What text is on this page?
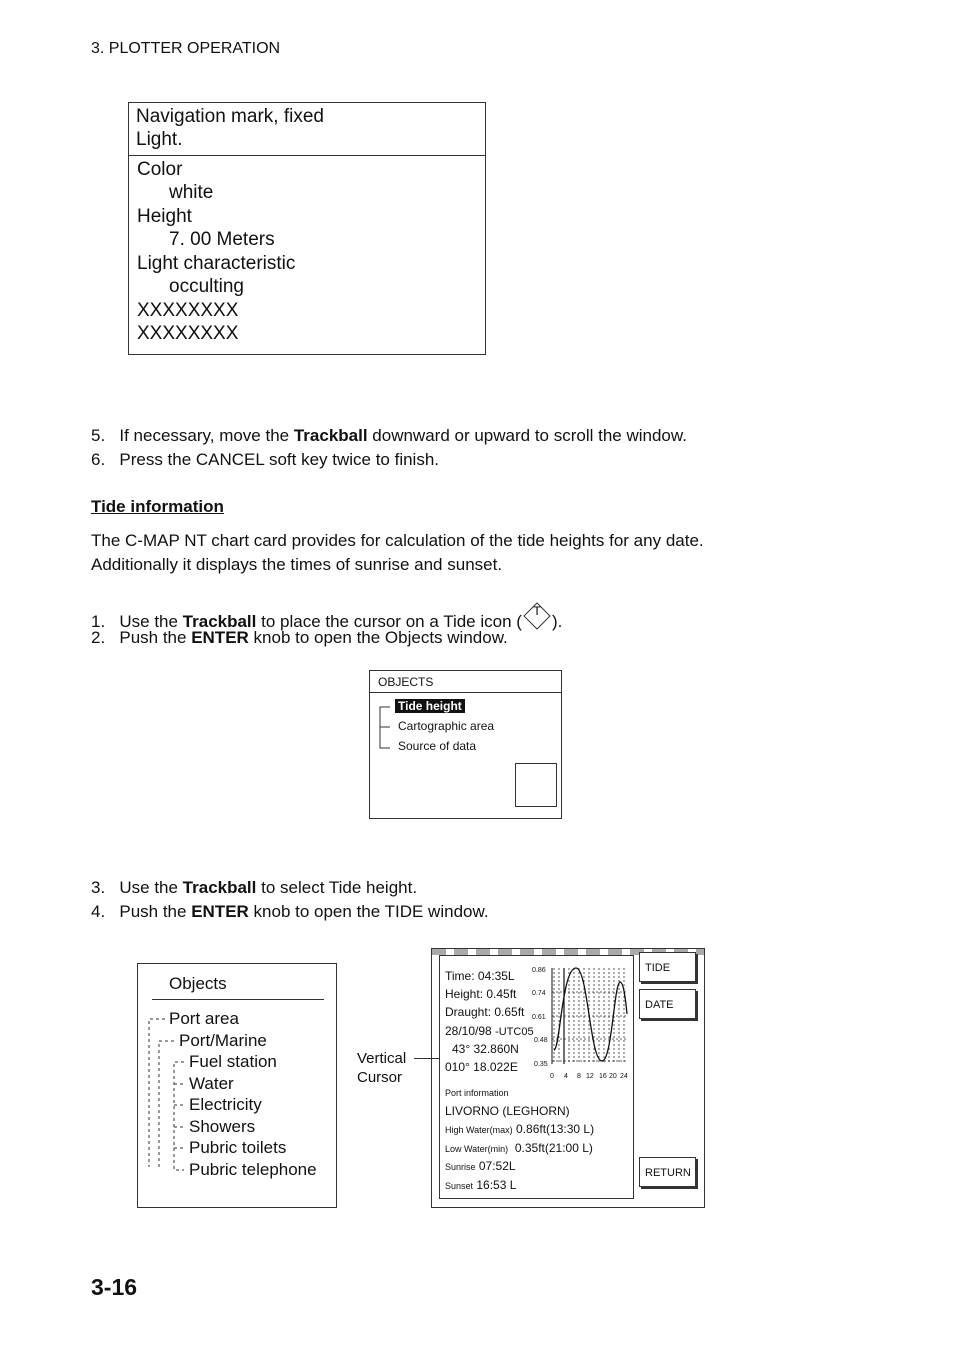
3. PLOTTER OPERATION
Navigation mark, fixed
Light.
Color
white
Height
7. 00 Meters
Light characteristic
occulting
XXXXXXXX
XXXXXXXX
5. If necessary, move the Trackball downward or upward to scroll the window.
6. Press the CANCEL soft key twice to finish.
Tide information
The C-MAP NT chart card provides for calculation of the tide heights for any date.
Additionally it displays the times of sunrise and sunset.
1. Use the Trackball to place the cursor on a Tide icon (
T
).
2. Push the ENTER knob to open the Objects window.
OBJECTS
Tide height
Cartographic area
Source of data
3. Use the Trackball to select Tide height.
4. Push the ENTER knob to open the TIDE window.
Objects
Port area
Port/Marine
Fuel station
Water
Electricity
Showers
Pubric toilets
Pubric telephone
Vertical
Cursor
Time: 04:35L
Height: 0.45ft
Draught: 0.65ft
28/10/98 -UTC05
43° 32.860N
010° 18.022E
0.86
0.74
0.61
0.48
0.35
0 4 8 12 16 20 24
Port information
LIVORNO (LEGHORN)
High Water(max) 0.86ft(13:30 L)
Low Water(min) 0.35ft(21:00 L)
Sunrise 07:52L
Sunset 16:53 L
TIDE
DATE
RETURN
3-16
